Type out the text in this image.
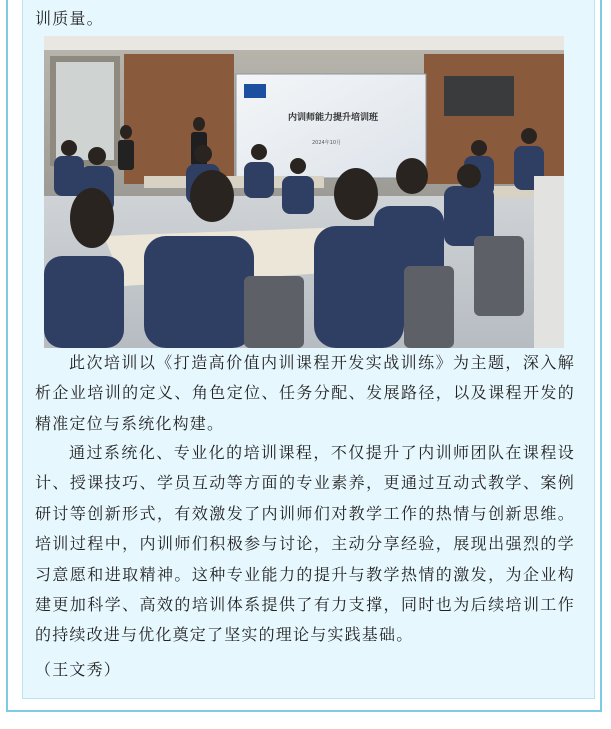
训质量。

内训师能力提升培训班
2024年10月

此次培训以《打造高价值内训课程开发实战训练》为主题，深入解析企业培训的定义、角色定位、任务分配、发展路径，以及课程开发的精准定位与系统化构建。

通过系统化、专业化的培训课程，不仅提升了内训师团队在课程设计、授课技巧、学员互动等方面的专业素养，更通过互动式教学、案例研讨等创新形式，有效激发了内训师们对教学工作的热情与创新思维。培训过程中，内训师们积极参与讨论，主动分享经验，展现出强烈的学习意愿和进取精神。这种专业能力的提升与教学热情的激发，为企业构建更加科学、高效的培训体系提供了有力支撑，同时也为后续培训工作的持续改进与优化奠定了坚实的理论与实践基础。

（王文秀）
